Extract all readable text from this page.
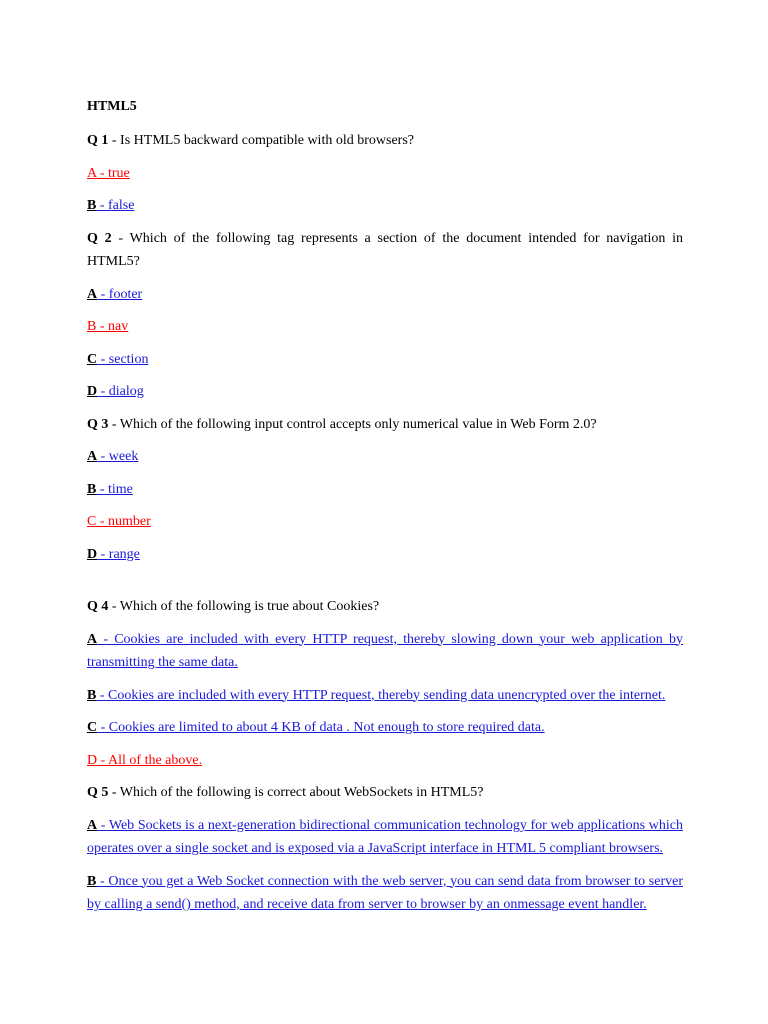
HTML5
Q 1 - Is HTML5 backward compatible with old browsers?
A - true
B - false
Q 2 - Which of the following tag represents a section of the document intended for navigation in HTML5?
A - footer
B - nav
C - section
D - dialog
Q 3 - Which of the following input control accepts only numerical value in Web Form 2.0?
A - week
B - time
C - number
D - range
Q 4 - Which of the following is true about Cookies?
A - Cookies are included with every HTTP request, thereby slowing down your web application by transmitting the same data.
B - Cookies are included with every HTTP request, thereby sending data unencrypted over the internet.
C - Cookies are limited to about 4 KB of data . Not enough to store required data.
D - All of the above.
Q 5 - Which of the following is correct about WebSockets in HTML5?
A - Web Sockets is a next-generation bidirectional communication technology for web applications which operates over a single socket and is exposed via a JavaScript interface in HTML 5 compliant browsers.
B - Once you get a Web Socket connection with the web server, you can send data from browser to server by calling a send() method, and receive data from server to browser by an onmessage event handler.
